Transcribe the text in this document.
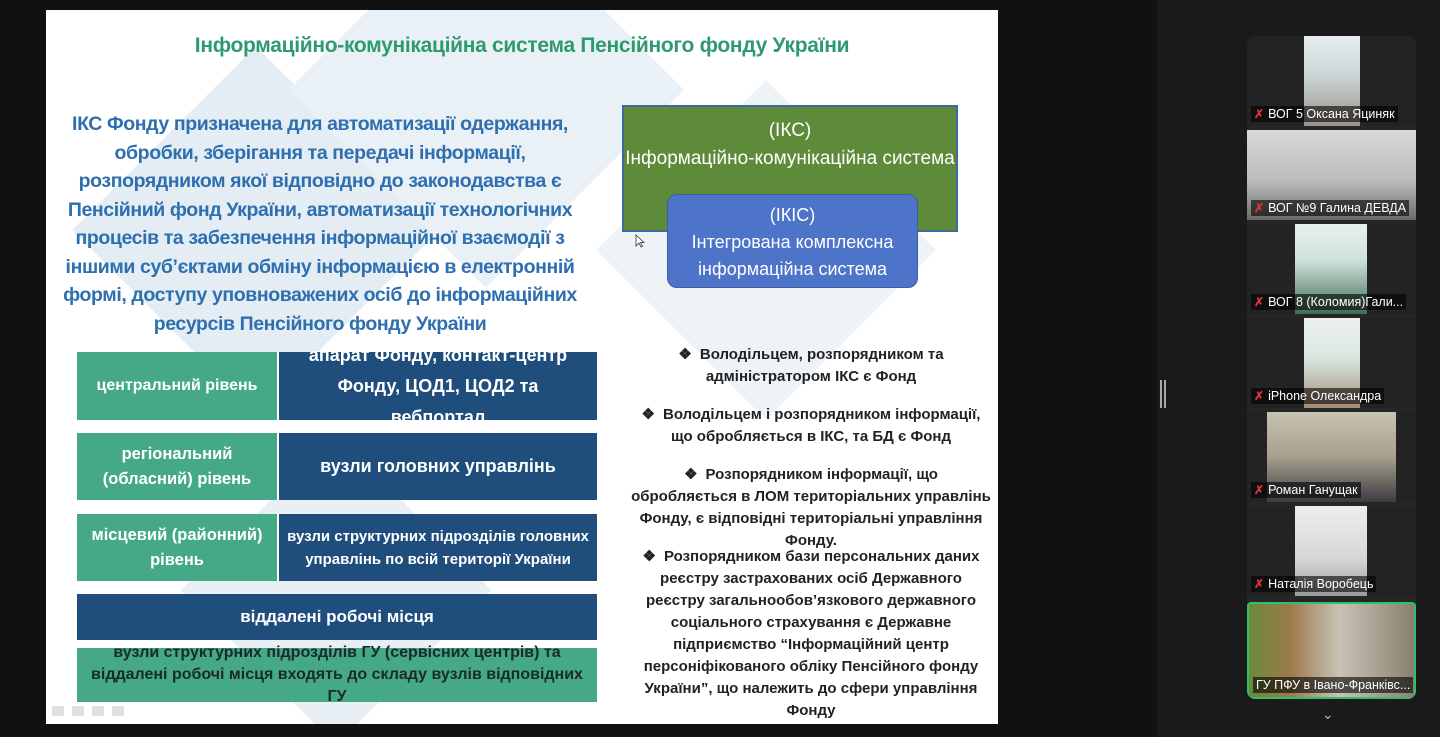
Інформаційно-комунікаційна система Пенсійного фонду України
ІКС Фонду призначена для автоматизації одержання, обробки, зберігання та передачі інформації, розпорядником якої відповідно до законодавства є Пенсійний фонд України, автоматизації технологічних процесів та забезпечення інформаційної взаємодії з іншими суб’єктами обміну інформацією в електронній формі, доступу уповноважених осіб до інформаційних ресурсів Пенсійного фонду України
центральний рівень
апарат Фонду, контакт-центр Фонду, ЦОД1, ЦОД2 та вебпортал
регіональний (обласний) рівень
вузли головних управлінь
місцевий (районний) рівень
вузли структурних підрозділів головних управлінь по всій території України
віддалені робочі місця
вузли структурних підрозділів ГУ (сервісних центрів) та віддалені робочі місця входять до складу вузлів відповідних ГУ
(ІКС)
Інформаційно-комунікаційна система
(ІКІС)
Інтегрована комплексна
інформаційна система
❖ Володільцем, розпорядником та адміністратором ІКС є Фонд
❖ Володільцем і розпорядником інформації, що обробляється в ІКС, та БД є Фонд
❖ Розпорядником інформації, що обробляється в ЛОМ територіальних управлінь Фонду, є відповідні територіальні управління Фонду.
❖ Розпорядником бази персональних даних реєстру застрахованих осіб Державного реєстру загальнообов’язкового державного соціального страхування є Державне підприємство “Інформаційний центр персоніфікованого обліку Пенсійного фонду України”, що належить до сфери управління Фонду
✗ ВОГ 5 Оксана Яциняк
✗ ВОГ №9 Галина ДЕВДА
✗ ВОГ 8 (Коломия)Гали...
✗ iPhone Олександра
✗ Роман Ганущак
✗ Наталія Воробець
ГУ ПФУ в Івано-Франківс...
⌄
